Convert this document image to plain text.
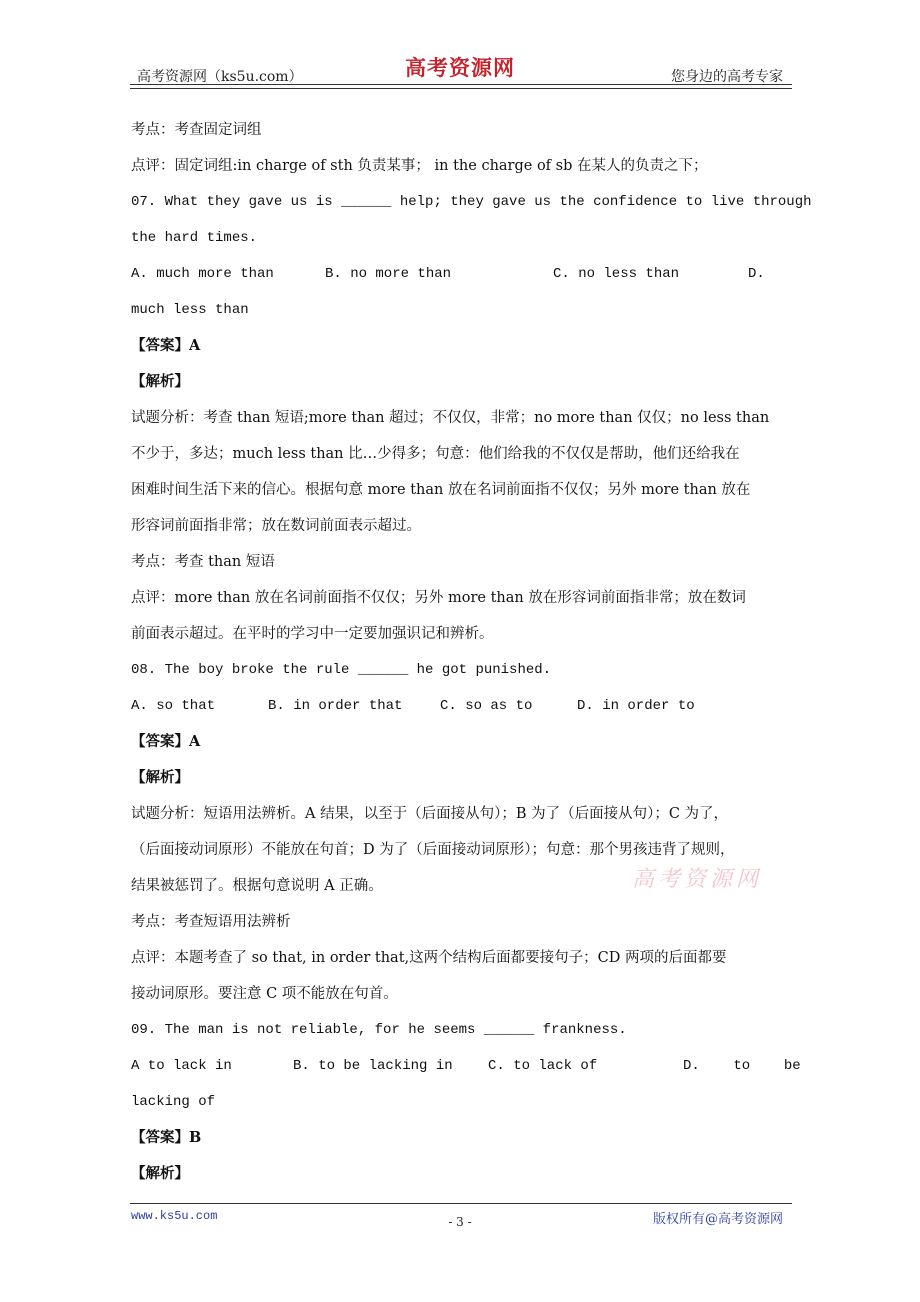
高考资源网（ks5u.com）	高考资源网	您身边的高考专家
考点：考查固定词组
点评：固定词组:in charge of sth 负责某事； in the charge of sb 在某人的负责之下；
07. What they gave us is ______ help; they gave us the confidence to live through
the hard times.
A. much more than	B. no more than	C. no less than	D.
much less than
【答案】A
【解析】
试题分析：考查 than 短语;more than 超过；不仅仅，非常；no more than 仅仅；no less than
不少于，多达；much less than 比…少得多；句意：他们给我的不仅仅是帮助，他们还给我在
困难时间生活下来的信心。根据句意 more than 放在名词前面指不仅仅；另外 more than 放在
形容词前面指非常；放在数词前面表示超过。
考点：考查 than 短语
点评：more than 放在名词前面指不仅仅；另外 more than 放在形容词前面指非常；放在数词
前面表示超过。在平时的学习中一定要加强识记和辨析。
08. The boy broke the rule ______ he got punished.
A. so that	B. in order that	C. so as to	D. in order to
【答案】A
【解析】
试题分析：短语用法辨析。A 结果，以至于（后面接从句）；B 为了（后面接从句）；C 为了，
（后面接动词原形）不能放在句首；D 为了（后面接动词原形）；句意：那个男孩违背了规则，
结果被惩罚了。根据句意说明 A 正确。
考点：考查短语用法辨析
点评：本题考查了 so that, in order that,这两个结构后面都要接句子；CD 两项的后面都要
接动词原形。要注意 C 项不能放在句首。
09. The man is not reliable, for he seems ______ frankness.
A to lack in	B. to be lacking in	C. to lack of	D.    to    be
lacking of
【答案】B
【解析】
高考资源网
www.ks5u.com	- 3 -	版权所有@高考资源网
